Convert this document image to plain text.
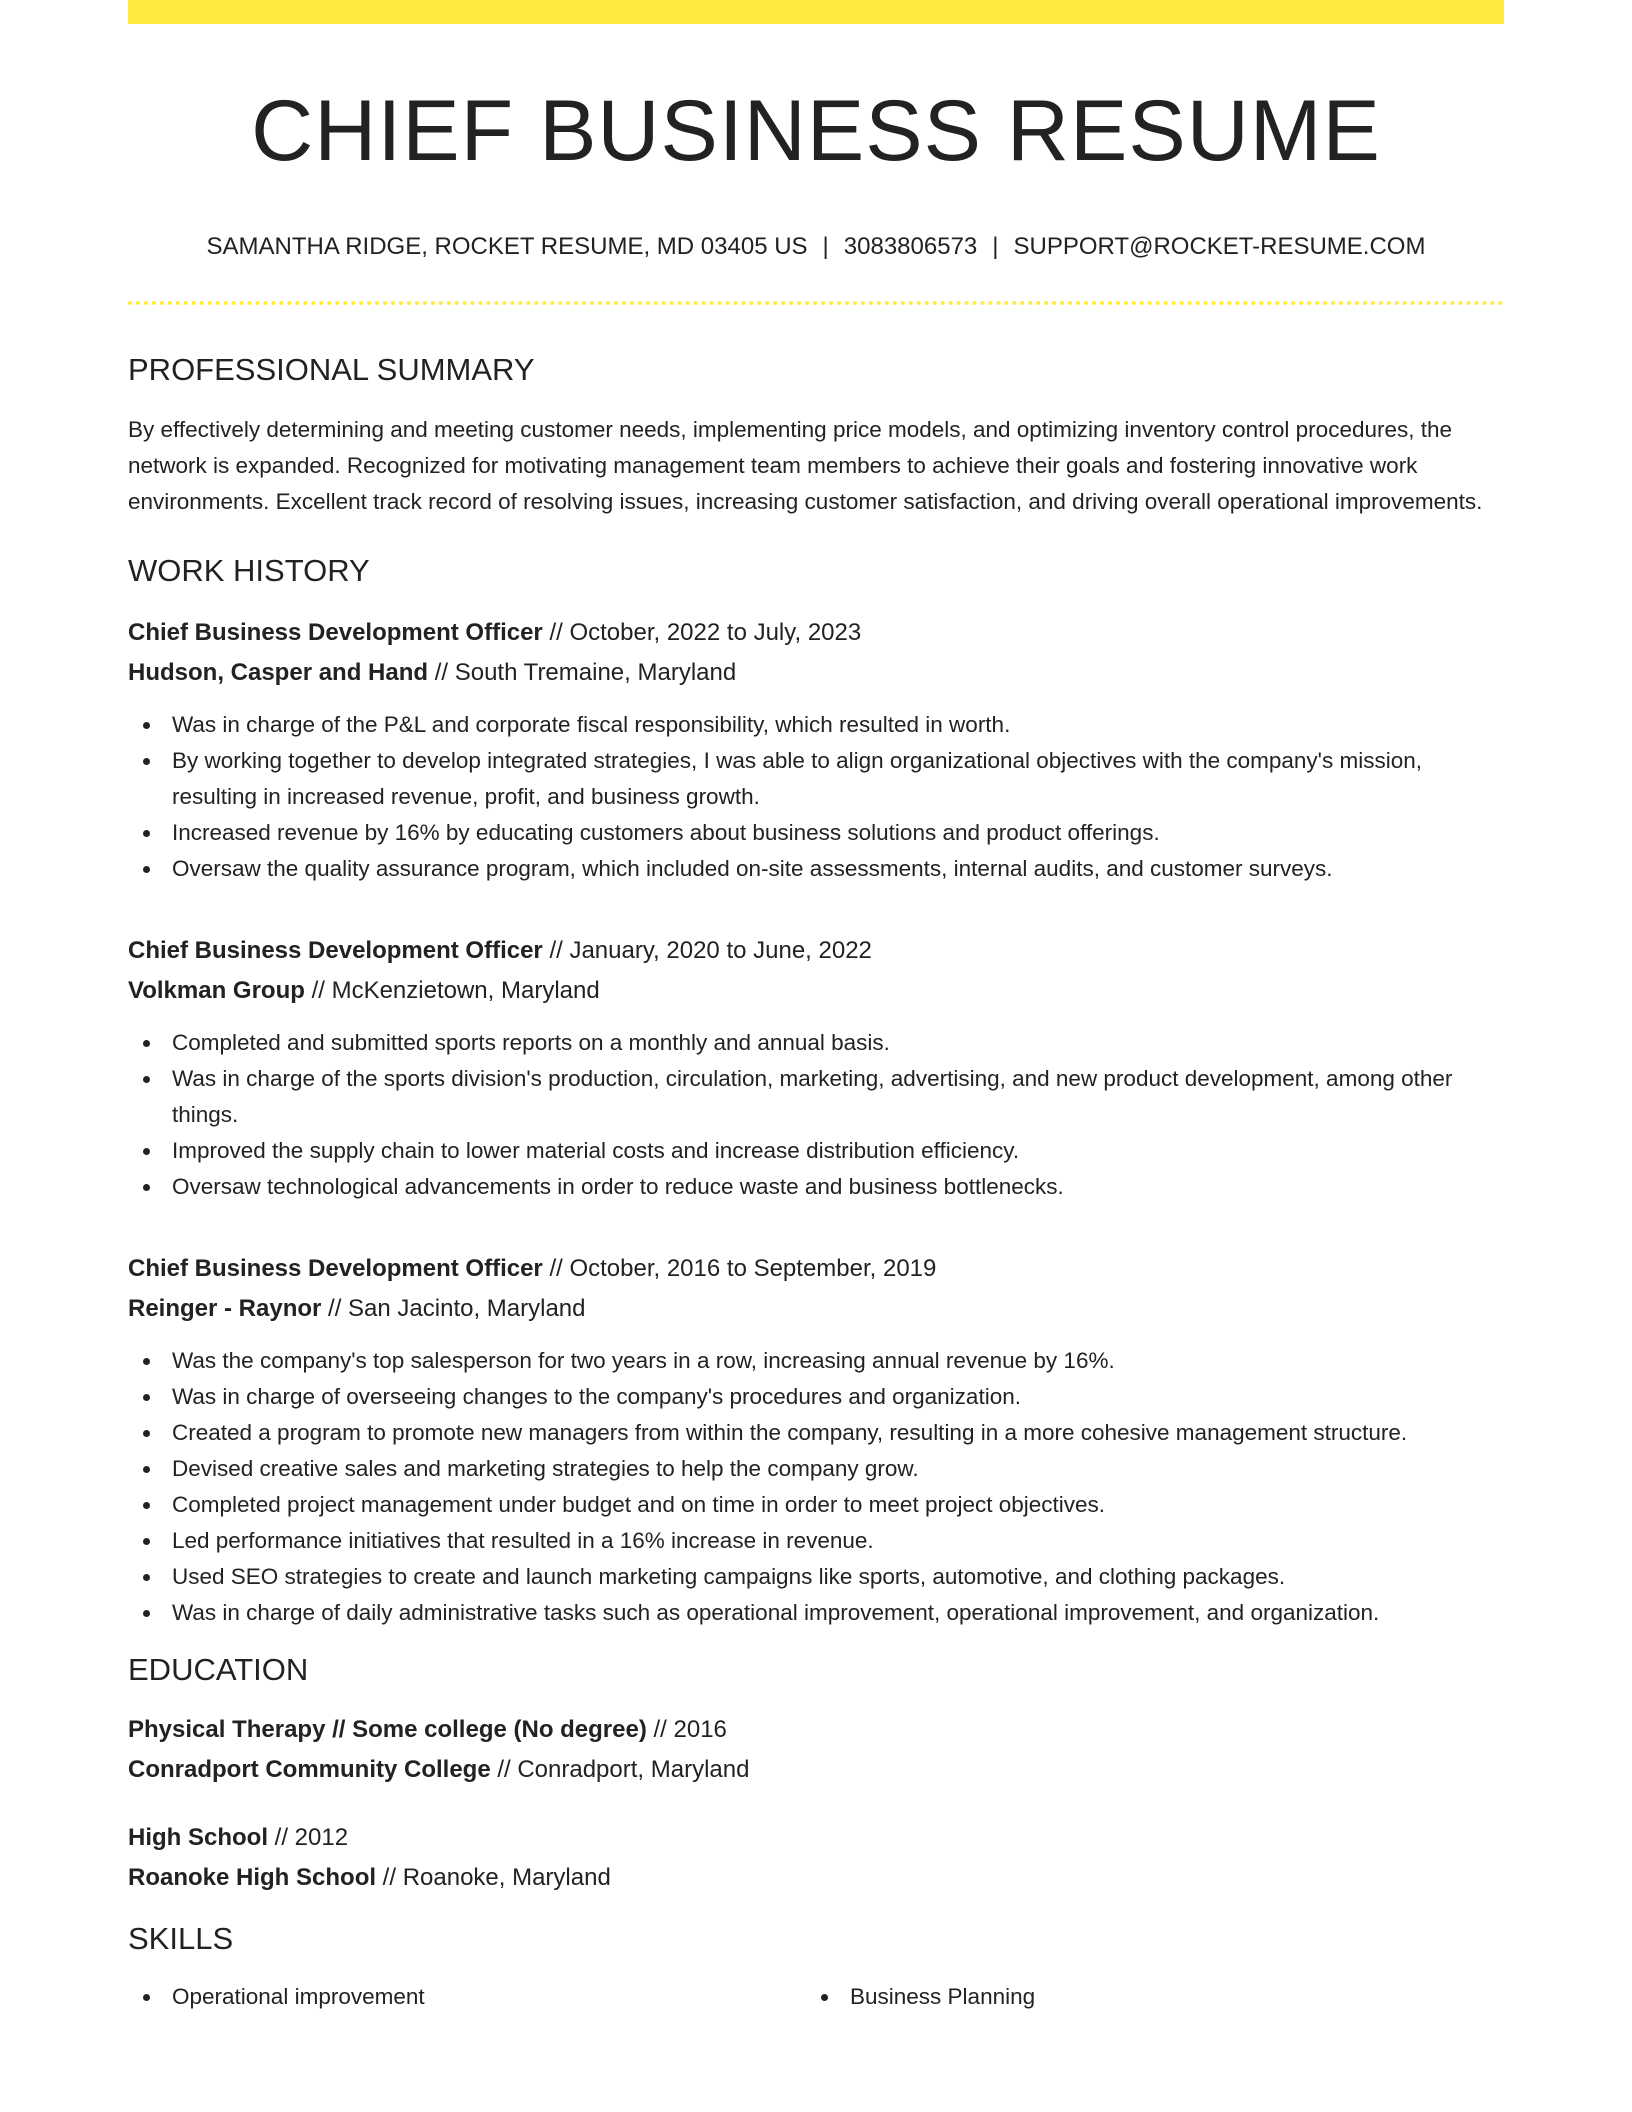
CHIEF BUSINESS RESUME
SAMANTHA RIDGE, ROCKET RESUME, MD 03405 US | 3083806573 | SUPPORT@ROCKET-RESUME.COM
PROFESSIONAL SUMMARY

By effectively determining and meeting customer needs, implementing price models, and optimizing inventory control procedures, the network is expanded. Recognized for motivating management team members to achieve their goals and fostering innovative work environments. Excellent track record of resolving issues, increasing customer satisfaction, and driving overall operational improvements.

WORK HISTORY
Chief Business Development Officer // October, 2022 to July, 2023
Hudson, Casper and Hand // South Tremaine, Maryland
Was in charge of the P&L and corporate fiscal responsibility, which resulted in worth.
By working together to develop integrated strategies, I was able to align organizational objectives with the company's mission, resulting in increased revenue, profit, and business growth.
Increased revenue by 16% by educating customers about business solutions and product offerings.
Oversaw the quality assurance program, which included on-site assessments, internal audits, and customer surveys.
Chief Business Development Officer // January, 2020 to June, 2022
Volkman Group // McKenzietown, Maryland
Completed and submitted sports reports on a monthly and annual basis.
Was in charge of the sports division's production, circulation, marketing, advertising, and new product development, among other things.
Improved the supply chain to lower material costs and increase distribution efficiency.
Oversaw technological advancements in order to reduce waste and business bottlenecks.
Chief Business Development Officer // October, 2016 to September, 2019
Reinger - Raynor // San Jacinto, Maryland
Was the company's top salesperson for two years in a row, increasing annual revenue by 16%.
Was in charge of overseeing changes to the company's procedures and organization.
Created a program to promote new managers from within the company, resulting in a more cohesive management structure.
Devised creative sales and marketing strategies to help the company grow.
Completed project management under budget and on time in order to meet project objectives.
Led performance initiatives that resulted in a 16% increase in revenue.
Used SEO strategies to create and launch marketing campaigns like sports, automotive, and clothing packages.
Was in charge of daily administrative tasks such as operational improvement, operational improvement, and organization.
EDUCATION
Physical Therapy // Some college (No degree) // 2016
Conradport Community College // Conradport, Maryland
High School // 2012
Roanoke High School // Roanoke, Maryland
SKILLS
Operational improvement	Business Planning
